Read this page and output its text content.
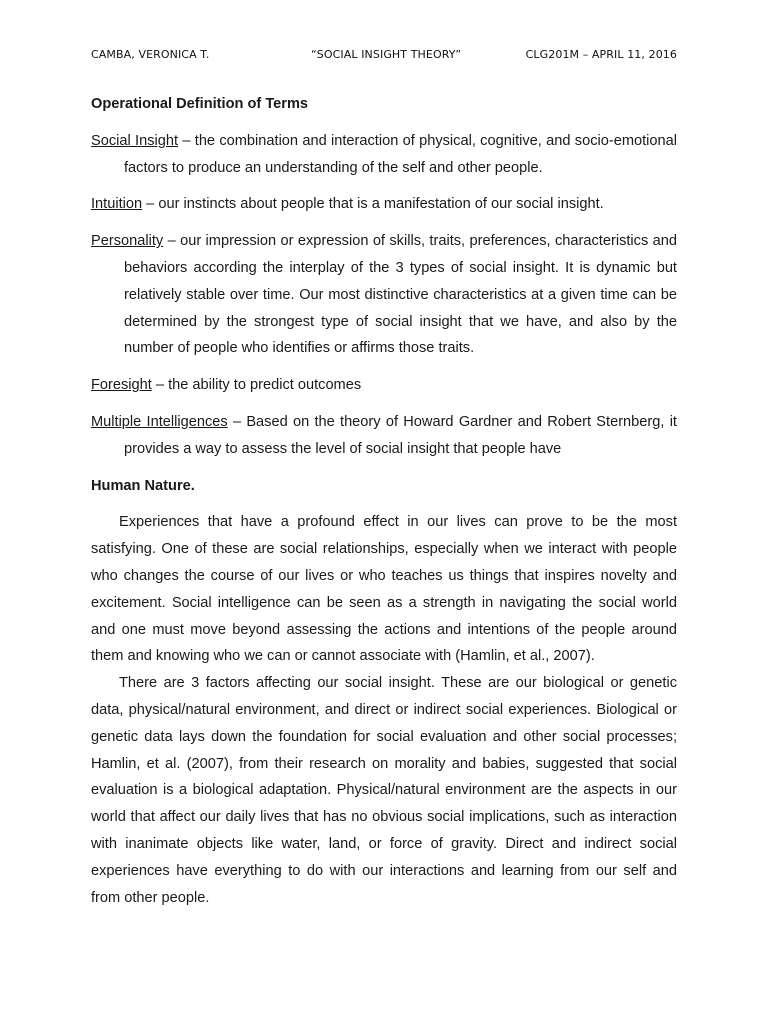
CAMBA, VERONICA T.	“SOCIAL INSIGHT THEORY”	CLG201M – APRIL 11, 2016

Operational Definition of Terms

Social Insight – the combination and interaction of physical, cognitive, and socio-emotional factors to produce an understanding of the self and other people.

Intuition – our instincts about people that is a manifestation of our social insight.

Personality – our impression or expression of skills, traits, preferences, characteristics and behaviors according the interplay of the 3 types of social insight. It is dynamic but relatively stable over time. Our most distinctive characteristics at a given time can be determined by the strongest type of social insight that we have, and also by the number of people who identifies or affirms those traits.

Foresight – the ability to predict outcomes

Multiple Intelligences – Based on the theory of Howard Gardner and Robert Sternberg, it provides a way to assess the level of social insight that people have

Human Nature.

Experiences that have a profound effect in our lives can prove to be the most satisfying. One of these are social relationships, especially when we interact with people who changes the course of our lives or who teaches us things that inspires novelty and excitement. Social intelligence can be seen as a strength in navigating the social world and one must move beyond assessing the actions and intentions of the people around them and knowing who we can or cannot associate with (Hamlin, et al., 2007).

There are 3 factors affecting our social insight. These are our biological or genetic data, physical/natural environment, and direct or indirect social experiences. Biological or genetic data lays down the foundation for social evaluation and other social processes; Hamlin, et al. (2007), from their research on morality and babies, suggested that social evaluation is a biological adaptation. Physical/natural environment are the aspects in our world that affect our daily lives that has no obvious social implications, such as interaction with inanimate objects like water, land, or force of gravity. Direct and indirect social experiences have everything to do with our interactions and learning from our self and from other people.
